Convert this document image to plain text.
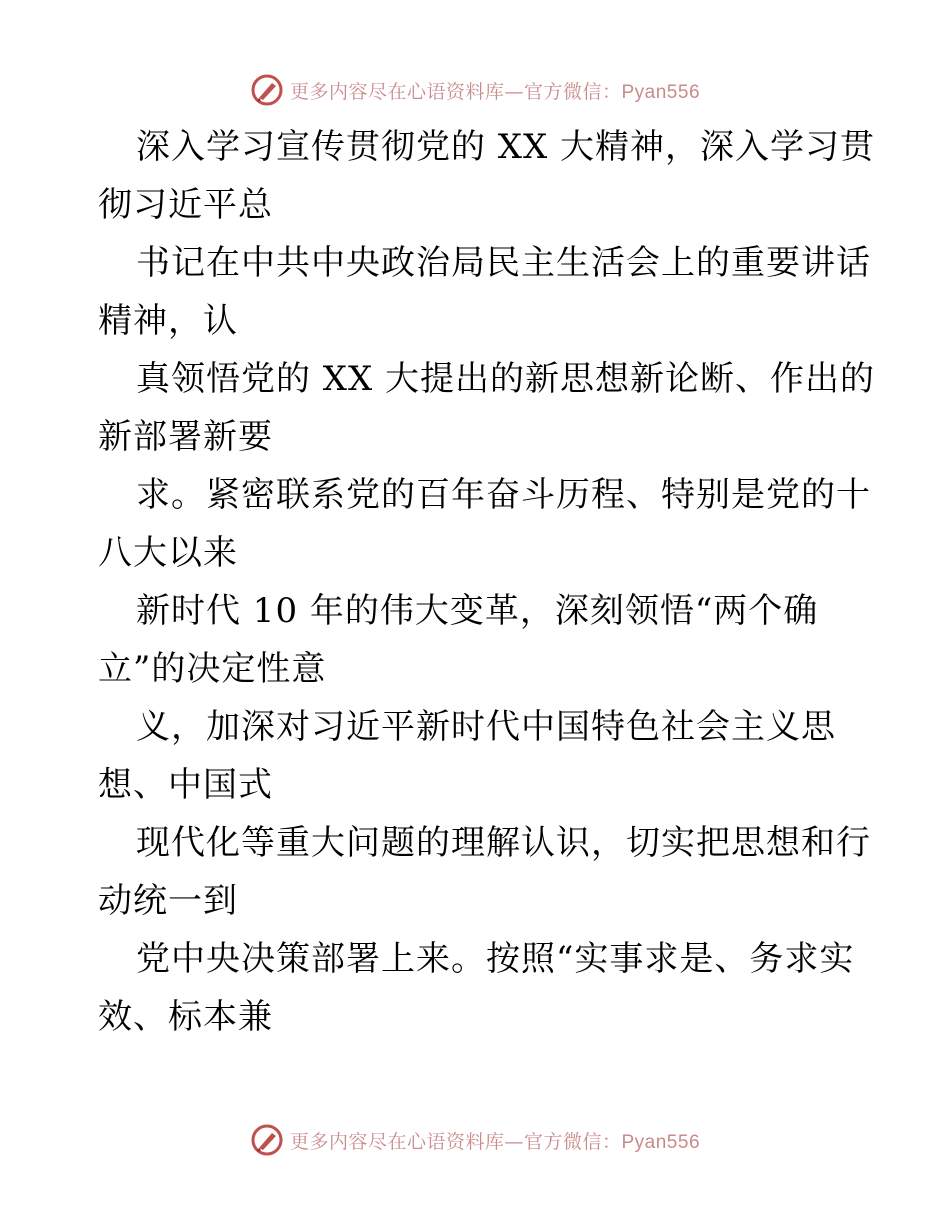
更多内容尽在心语资料库—官方微信：Pyan556

深入学习宣传贯彻党的 XX 大精神，深入学习贯
彻习近平总

书记在中共中央政治局民主生活会上的重要讲话
精神，认

真领悟党的 XX 大提出的新思想新论断、作出的
新部署新要

求。紧密联系党的百年奋斗历程、特别是党的十
八大以来

新时代 10 年的伟大变革，深刻领悟“两个确
立”的决定性意

义，加深对习近平新时代中国特色社会主义思
想、中国式

现代化等重大问题的理解认识，切实把思想和行
动统一到

党中央决策部署上来。按照“实事求是、务求实
效、标本兼

更多内容尽在心语资料库—官方微信：Pyan556
